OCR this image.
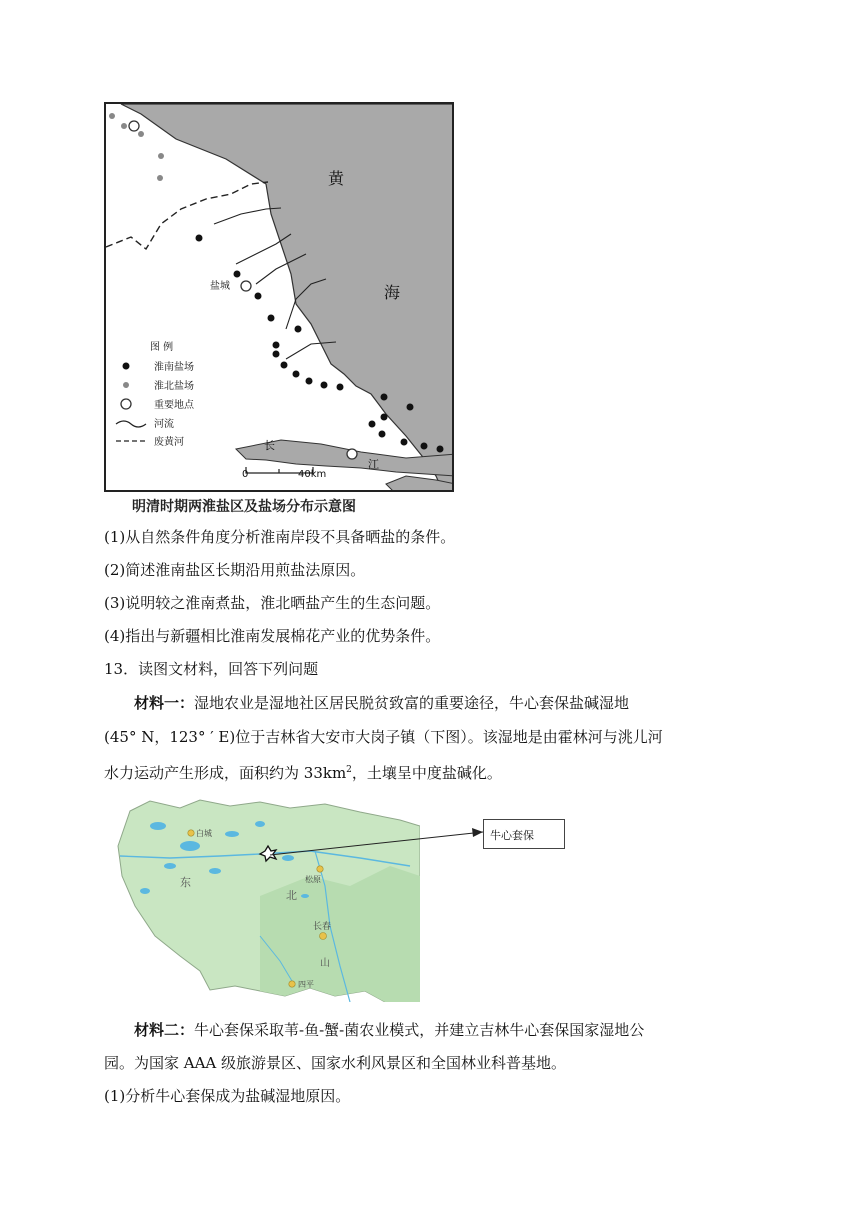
黄
海
盐城
长
江
0	40km
图 例
淮南盐场
淮北盐场
重要地点
河流
废黄河
明清时期两淮盐区及盐场分布示意图
(1)从自然条件角度分析淮南岸段不具备晒盐的条件。
(2)简述淮南盐区长期沿用煎盐法原因。
(3)说明较之淮南煮盐，淮北晒盐产生的生态问题。
(4)指出与新疆相比淮南发展棉花产业的优势条件。
13．读图文材料，回答下列问题
材料一：湿地农业是湿地社区居民脱贫致富的重要途径，牛心套保盐碱湿地
(45° N，123° ′ E)位于吉林省大安市大岗子镇（下图）。该湿地是由霍林河与洮儿河
水力运动产生形成，面积约为 $33km^2$，土壤呈中度盐碱化。
白城
松原
东
北
长春
山
四平
牛心套保
材料二：牛心套保采取苇-鱼-蟹-菌农业模式，并建立吉林牛心套保国家湿地公
园。为国家 AAA 级旅游景区、国家水利风景区和全国林业科普基地。
(1)分析牛心套保成为盐碱湿地原因。
